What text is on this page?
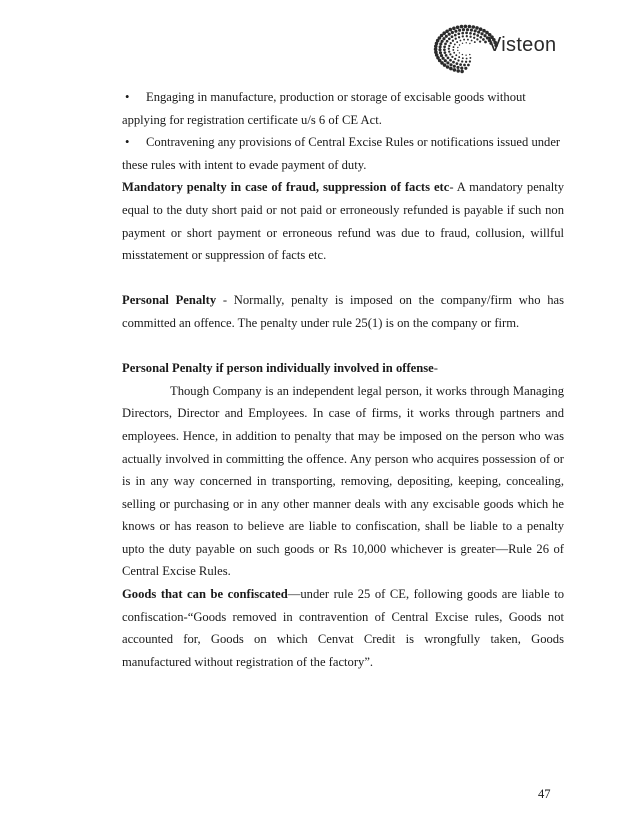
Visteon

• Engaging in manufacture, production or storage of excisable goods without

applying for registration certificate u/s 6 of CE Act.

• Contravening any provisions of Central Excise Rules or notifications issued under

these rules with intent to evade payment of duty.

Mandatory penalty in case of fraud, suppression of facts etc- A mandatory penalty equal to the duty short paid or not paid or erroneously refunded is payable if such non payment or short payment or erroneous refund was due to fraud, collusion, willful misstatement or suppression of facts etc.

Personal Penalty - Normally, penalty is imposed on the company/firm who has committed an offence. The penalty under rule 25(1) is on the company or firm.

Personal Penalty if person individually involved in offense-

Though Company is an independent legal person, it works through Managing Directors, Director and Employees. In case of firms, it works through partners and employees. Hence, in addition to penalty that may be imposed on the person who was actually involved in committing the offence. Any person who acquires possession of or is in any way concerned in transporting, removing, depositing, keeping, concealing, selling or purchasing or in any other manner deals with any excisable goods which he knows or has reason to believe are liable to confiscation, shall be liable to a penalty upto the duty payable on such goods or Rs 10,000 whichever is greater—Rule 26 of Central Excise Rules.

Goods that can be confiscated—under rule 25 of CE, following goods are liable to confiscation-“Goods removed in contravention of Central Excise rules, Goods not accounted for, Goods on which Cenvat Credit is wrongfully taken, Goods manufactured without registration of the factory”.

47
